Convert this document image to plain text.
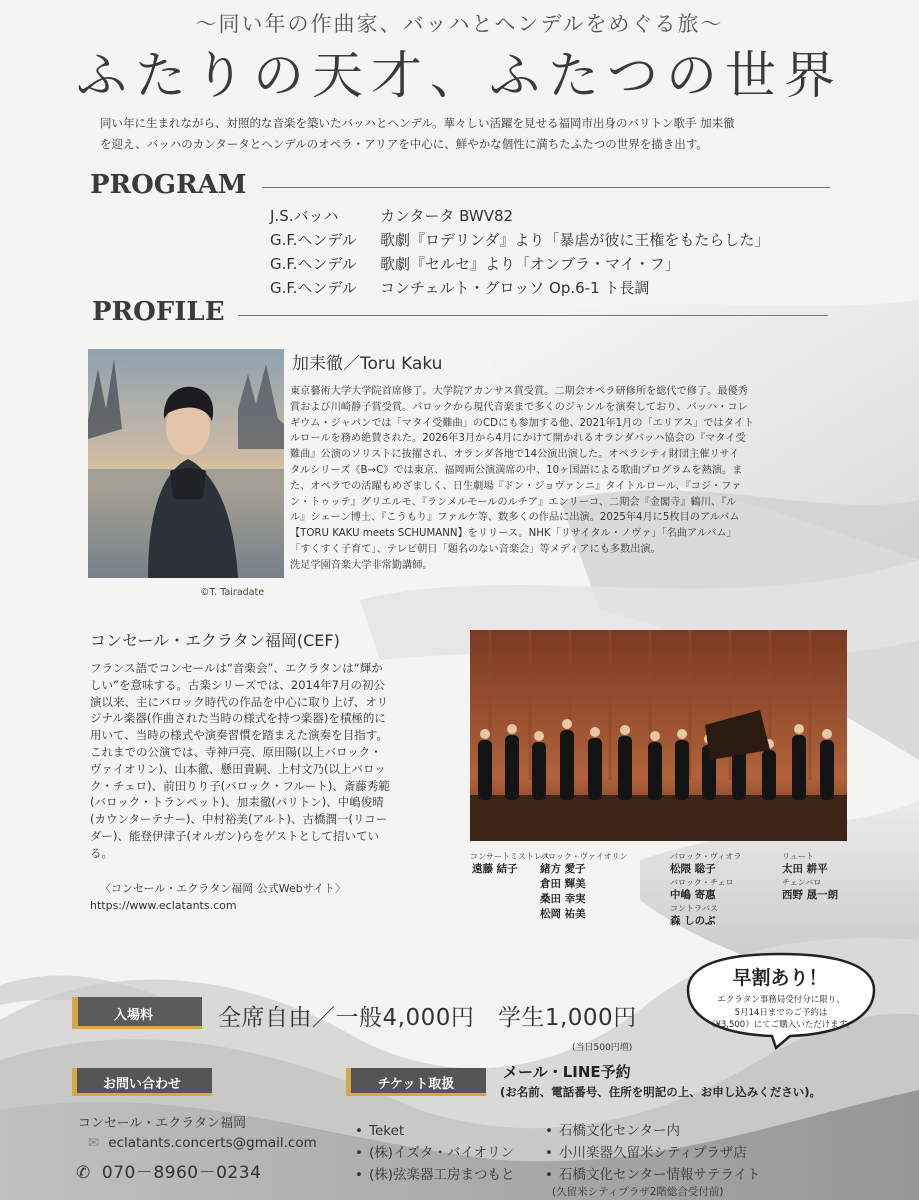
〜同い年の作曲家、バッハとヘンデルをめぐる旅〜
ふたりの天才、ふたつの世界
同い年に生まれながら、対照的な音楽を築いたバッハとヘンデル。華々しい活躍を見せる福岡市出身のバリトン歌手 加耒徹
を迎え、バッハのカンタータとヘンデルのオペラ・アリアを中心に、鮮やかな個性に満ちたふたつの世界を描き出す。
PROGRAM
J.S.バッハ	カンタータ BWV82
G.F.ヘンデル	歌劇『ロデリンダ』より「暴虐が彼に王権をもたらした」
G.F.ヘンデル	歌劇『セルセ』より「オンブラ・マイ・フ」
G.F.ヘンデル	コンチェルト・グロッソ Op.6-1 ト長調
PROFILE
©T. Tairadate
加耒徹／Toru Kaku
東京藝術大学大学院首席修了。大学院アカンサス賞受賞。二期会オペラ研修所を総代で修了。最優秀
賞および川崎静子賞受賞。バロックから現代音楽まで多くのジャンルを演奏しており、バッハ・コレ
ギウム・ジャパンでは「マタイ受難曲」のCDにも参加する他、2021年1月の「エリアス」ではタイト
ルロールを務め絶賛された。2026年3月から4月にかけて開かれるオランダバッハ協会の『マタイ受
難曲』公演のソリストに抜擢され、オランダ各地で14公演出演した。オペラシティ財団主催リサイ
タルシリーズ《B→C》では東京、福岡両公演満席の中、10ヶ国語による歌曲プログラムを熱演。ま
た、オペラでの活躍もめざましく、日生劇場『ドン・ジョヴァンニ』タイトルロール、『コジ・ファ
ン・トゥッテ』グリエルモ、『ランメルモールのルチア』エンリーコ、二期会『金閣寺』鶴川、『ル
ル』シェーン博士、『こうもり』ファルケ等、数多くの作品に出演。2025年4月に5枚目のアルバム
【TORU KAKU meets SCHUMANN】をリリース。NHK「リサイタル・ノヴァ」「名曲アルバム」
「すくすく子育て」、テレビ朝日「題名のない音楽会」等メディアにも多数出演。
洗足学園音楽大学非常勤講師。
コンセール・エクラタン福岡(CEF)
フランス語でコンセールは“音楽会”、エクラタンは“輝か
しい”を意味する。古楽シリーズでは、2014年7月の初公
演以来、主にバロック時代の作品を中心に取り上げ、オリ
ジナル楽器(作曲された当時の様式を持つ楽器)を積極的に
用いて、当時の様式や演奏習慣を踏まえた演奏を目指す。
これまでの公演では、寺神戸亮、原田陽(以上バロック・
ヴァイオリン)、山本徹、懸田貴嗣、上村文乃(以上バロッ
ク・チェロ)、前田りり子(バロック・フルート)、斎藤秀範
(バロック・トランペット)、加耒徹(バリトン)、中嶋俊晴
(カウンターテナー)、中村裕美(アルト)、古橋潤一(リコー
ダー)、能登伊津子(オルガン)らをゲストとして招いてい
る。
〈コンセール・エクラタン福岡 公式Webサイト〉
https://www.eclatants.com
コンサートミストレス
遠藤 結子
バロック・ヴァイオリン
緒方 愛子
倉田 輝美
桑田 幸実
松岡 祐美
バロック・ヴィオラ
松隈 聡子
バロック・チェロ
中嶋 寄惠
コントラバス
森 しのぶ
リュート
太田 耕平
チェンバロ
西野 晟一朗
早割あり！
エクラタン事務局受付分に限り、
5月14日までのご予約は
《¥3,500》にてご購入いただけます。
入場料	全席自由／一般4,000円　学生1,000円
(当日500円増)
お問い合わせ	チケット取扱
メール・LINE予約
(お名前、電話番号、住所を明記の上、お申し込みください)。
コンセール・エクラタン福岡
✉ eclatants.concerts@gmail.com
✆ 070－8960－0234
• Teket
• (株)イズタ・バイオリン
• (株)弦楽器工房まつもと
• 石橋文化センター内
• 小川楽器久留米シティプラザ店
• 石橋文化センター情報サテライト
(久留米シティプラザ2階総合受付前)
